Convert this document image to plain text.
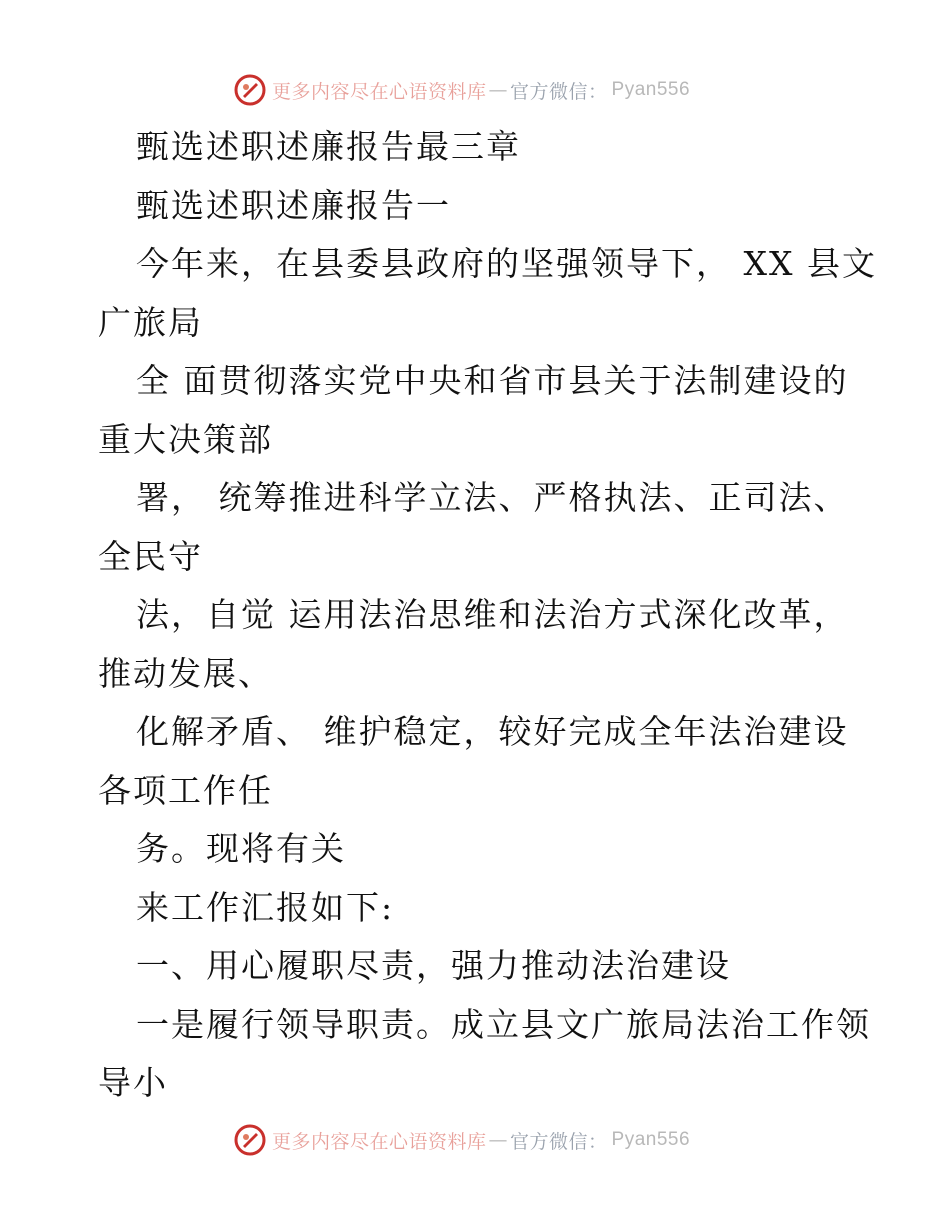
更多内容尽在心语资料库 — 官方微信： Pyan556
甄选述职述廉报告最三章
甄选述职述廉报告一
今年来，在县委县政府的坚强领导下， XX 县文
广旅局
全 面贯彻落实党中央和省市县关于法制建设的
重大决策部
署， 统筹推进科学立法、严格执法、正司法、
全民守
法，自觉 运用法治思维和法治方式深化改革，
推动发展、
化解矛盾、 维护稳定，较好完成全年法治建设
各项工作任
务。现将有关
来工作汇报如下:
一、用心履职尽责，强力推动法治建设
一是履行领导职责。成立县文广旅局法治工作领
导小
更多内容尽在心语资料库 — 官方微信： Pyan556
